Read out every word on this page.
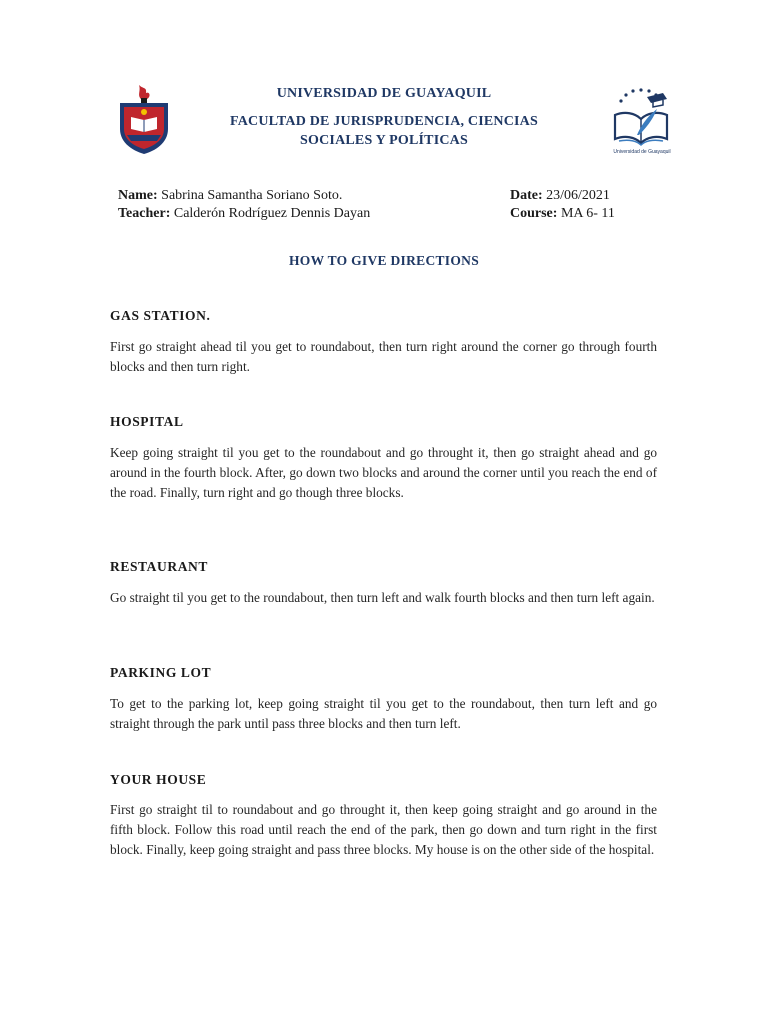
Universidad de Guayaquil
UNIVERSIDAD DE GUAYAQUIL
FACULTAD DE JURISPRUDENCIA, CIENCIAS
SOCIALES Y POLÍTICAS
Name: Sabrina Samantha Soriano Soto.
Teacher: Calderón Rodríguez Dennis Dayan
Date: 23/06/2021
Course: MA 6- 11
HOW TO GIVE DIRECTIONS
GAS STATION.
First go straight ahead til you get to roundabout, then turn right around the corner go through fourth blocks and then turn right.
HOSPITAL
Keep going straight til you get to the roundabout and go throught it, then go straight ahead and go around in the fourth block. After, go down two blocks and around the corner until you reach the end of the road. Finally, turn right and go though three blocks.
RESTAURANT
Go straight til you get to the roundabout, then turn left and walk fourth blocks and then turn left again.
PARKING LOT
To get to the parking lot, keep going straight til you get to the roundabout, then turn left and go straight through the park until pass three blocks and then turn left.
YOUR HOUSE
First go straight til to roundabout and go throught it, then keep going straight and go around in the fifth block. Follow this road until reach the end of the park, then go down and turn right in the first block. Finally, keep going straight and pass three blocks. My house is on the other side of the hospital.
